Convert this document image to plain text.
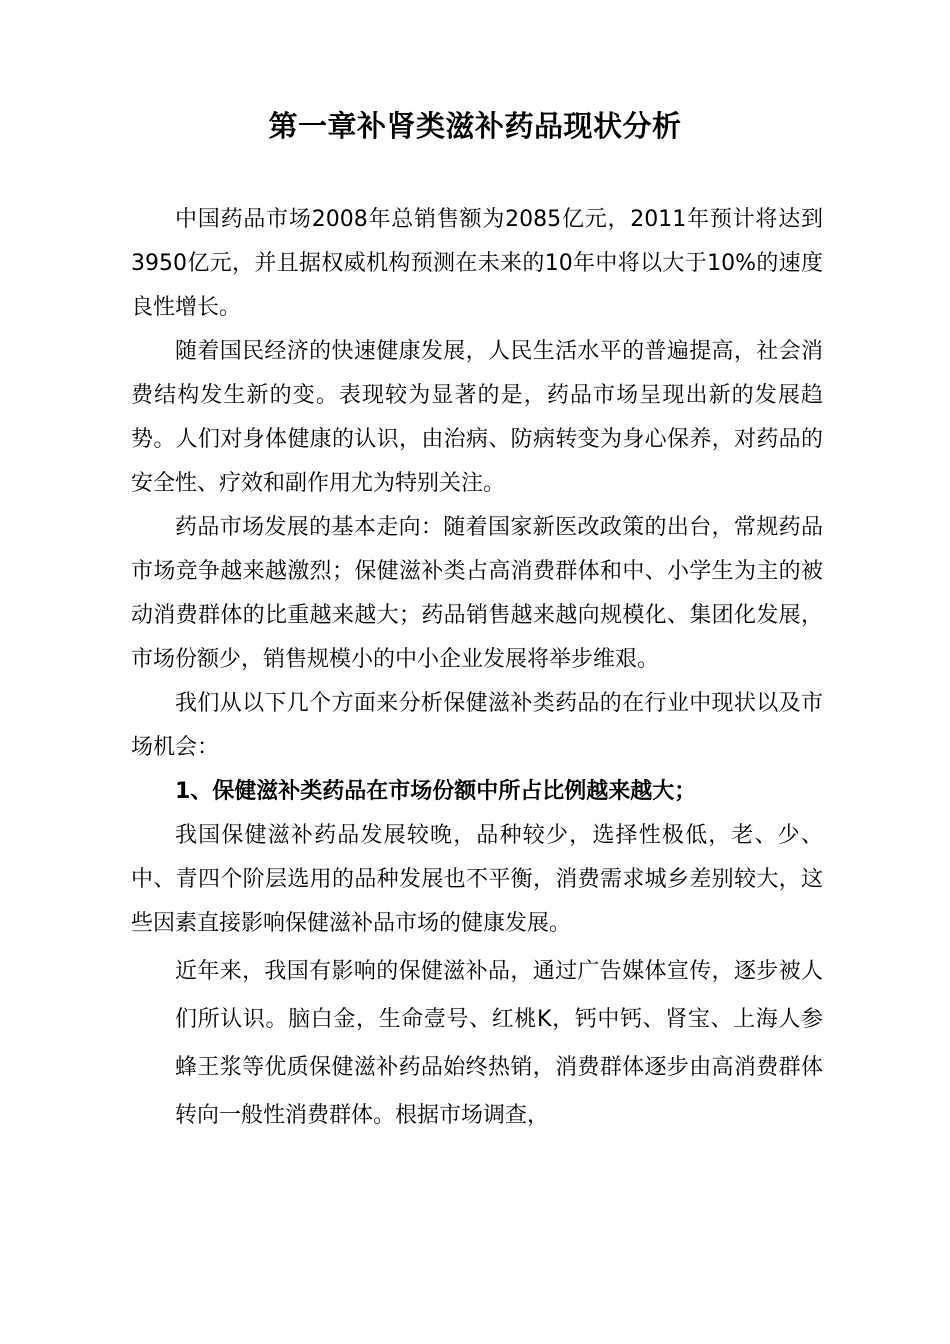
第一章补肾类滋补药品现状分析

中国药品市场2008年总销售额为2085亿元，2011年预计将达到3950亿元，并且据权威机构预测在未来的10年中将以大于10%的速度良性增长。

随着国民经济的快速健康发展，人民生活水平的普遍提高，社会消费结构发生新的变。表现较为显著的是，药品市场呈现出新的发展趋势。人们对身体健康的认识，由治病、防病转变为身心保养，对药品的安全性、疗效和副作用尤为特别关注。

药品市场发展的基本走向：随着国家新医改政策的出台，常规药品市场竞争越来越激烈；保健滋补类占高消费群体和中、小学生为主的被动消费群体的比重越来越大；药品销售越来越向规模化、集团化发展，市场份额少，销售规模小的中小企业发展将举步维艰。

我们从以下几个方面来分析保健滋补类药品的在行业中现状以及市场机会：

1、保健滋补类药品在市场份额中所占比例越来越大；

我国保健滋补药品发展较晚，品种较少，选择性极低，老、少、中、青四个阶层选用的品种发展也不平衡，消费需求城乡差别较大，这些因素直接影响保健滋补品市场的健康发展。

近年来，我国有影响的保健滋补品，通过广告媒体宣传，逐步被人们所认识。脑白金，生命壹号、红桃K，钙中钙、肾宝、上海人参蜂王浆等优质保健滋补药品始终热销，消费群体逐步由高消费群体转向一般性消费群体。根据市场调查，
